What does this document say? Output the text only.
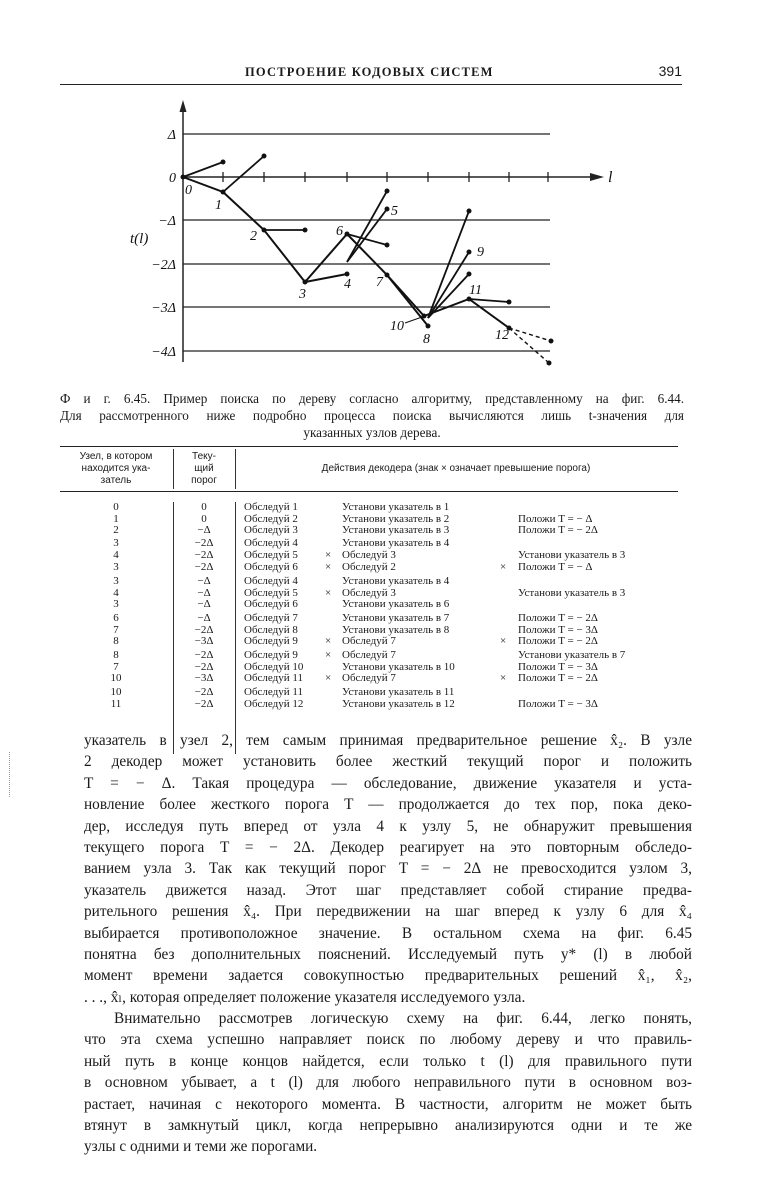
ПОСТРОЕНИЕ КОДОВЫХ СИСТЕМ	391
Δ
0
−Δ
−2Δ
−3Δ
−4Δ
t(l)
l
0
1
2
3
4
5
6
7
8
9
10
11
12
Ф и г. 6.45. Пример поиска по дереву согласно алгоритму, представленному на фиг. 6.44.
Для рассмотренного ниже подробно процесса поиска вычисляются лишь t-значения для
указанных узлов дерева.
Узел, в котором
находится ука-
затель
Теку-
щий
порог
Действия декодера (знак × означает превышение порога)
0	0	Обследуй 1	Установи указатель в 1
1	0	Обследуй 2	Установи указатель в 2	Положи T = − Δ
2	−Δ	Обследуй 3	Установи указатель в 3	Положи T = − 2Δ
3	−2Δ	Обследуй 4	Установи указатель в 4
4	−2Δ	Обследуй 5 × Обследуй 3	Установи указатель в 3
3	−2Δ	Обследуй 6 × Обследуй 2	× Положи T = − Δ
3	−Δ	Обследуй 4	Установи указатель в 4
4	−Δ	Обследуй 5 × Обследуй 3	Установи указатель в 3
3	−Δ	Обследуй 6	Установи указатель в 6
6	−Δ	Обследуй 7	Установи указатель в 7	Положи T = − 2Δ
7	−2Δ	Обследуй 8	Установи указатель в 8	Положи T = − 3Δ
8	−3Δ	Обследуй 9 × Обследуй 7	× Положи T = − 2Δ
8	−2Δ	Обследуй 9 × Обследуй 7	Установи указатель в 7
7	−2Δ	Обследуй 10	Установи указатель в 10	Положи T = − 3Δ
10	−3Δ	Обследуй 11 × Обследуй 7	× Положи T = − 2Δ
10	−2Δ	Обследуй 11	Установи указатель в 11
11	−2Δ	Обследуй 12	Установи указатель в 12	Положи T = − 3Δ
указатель в узел 2, тем самым принимая предварительное решение x̂₂. В узле
2 декодер может установить более жесткий текущий порог и положить
T = − Δ. Такая процедура — обследование, движение указателя и уста-
новление более жесткого порога T — продолжается до тех пор, пока деко-
дер, исследуя путь вперед от узла 4 к узлу 5, не обнаружит превышения
текущего порога T = − 2Δ. Декодер реагирует на это повторным обследо-
ванием узла 3. Так как текущий порог T = − 2Δ не превосходится узлом 3,
указатель движется назад. Этот шаг представляет собой стирание предва-
рительного решения x̂₄. При передвижении на шаг вперед к узлу 6 для x̂₄
выбирается противоположное значение. В остальном схема на фиг. 6.45
понятна без дополнительных пояснений. Исследуемый путь y* (l) в любой
момент времени задается совокупностью предварительных решений x̂₁, x̂₂,
. . ., x̂ₗ, которая определяет положение указателя исследуемого узла.
Внимательно рассмотрев логическую схему на фиг. 6.44, легко понять,
что эта схема успешно направляет поиск по любому дереву и что правиль-
ный путь в конце концов найдется, если только t (l) для правильного пути
в основном убывает, а t (l) для любого неправильного пути в основном воз-
растает, начиная с некоторого момента. В частности, алгоритм не может быть
втянут в замкнутый цикл, когда непрерывно анализируются одни и те же
узлы с одними и теми же порогами.
